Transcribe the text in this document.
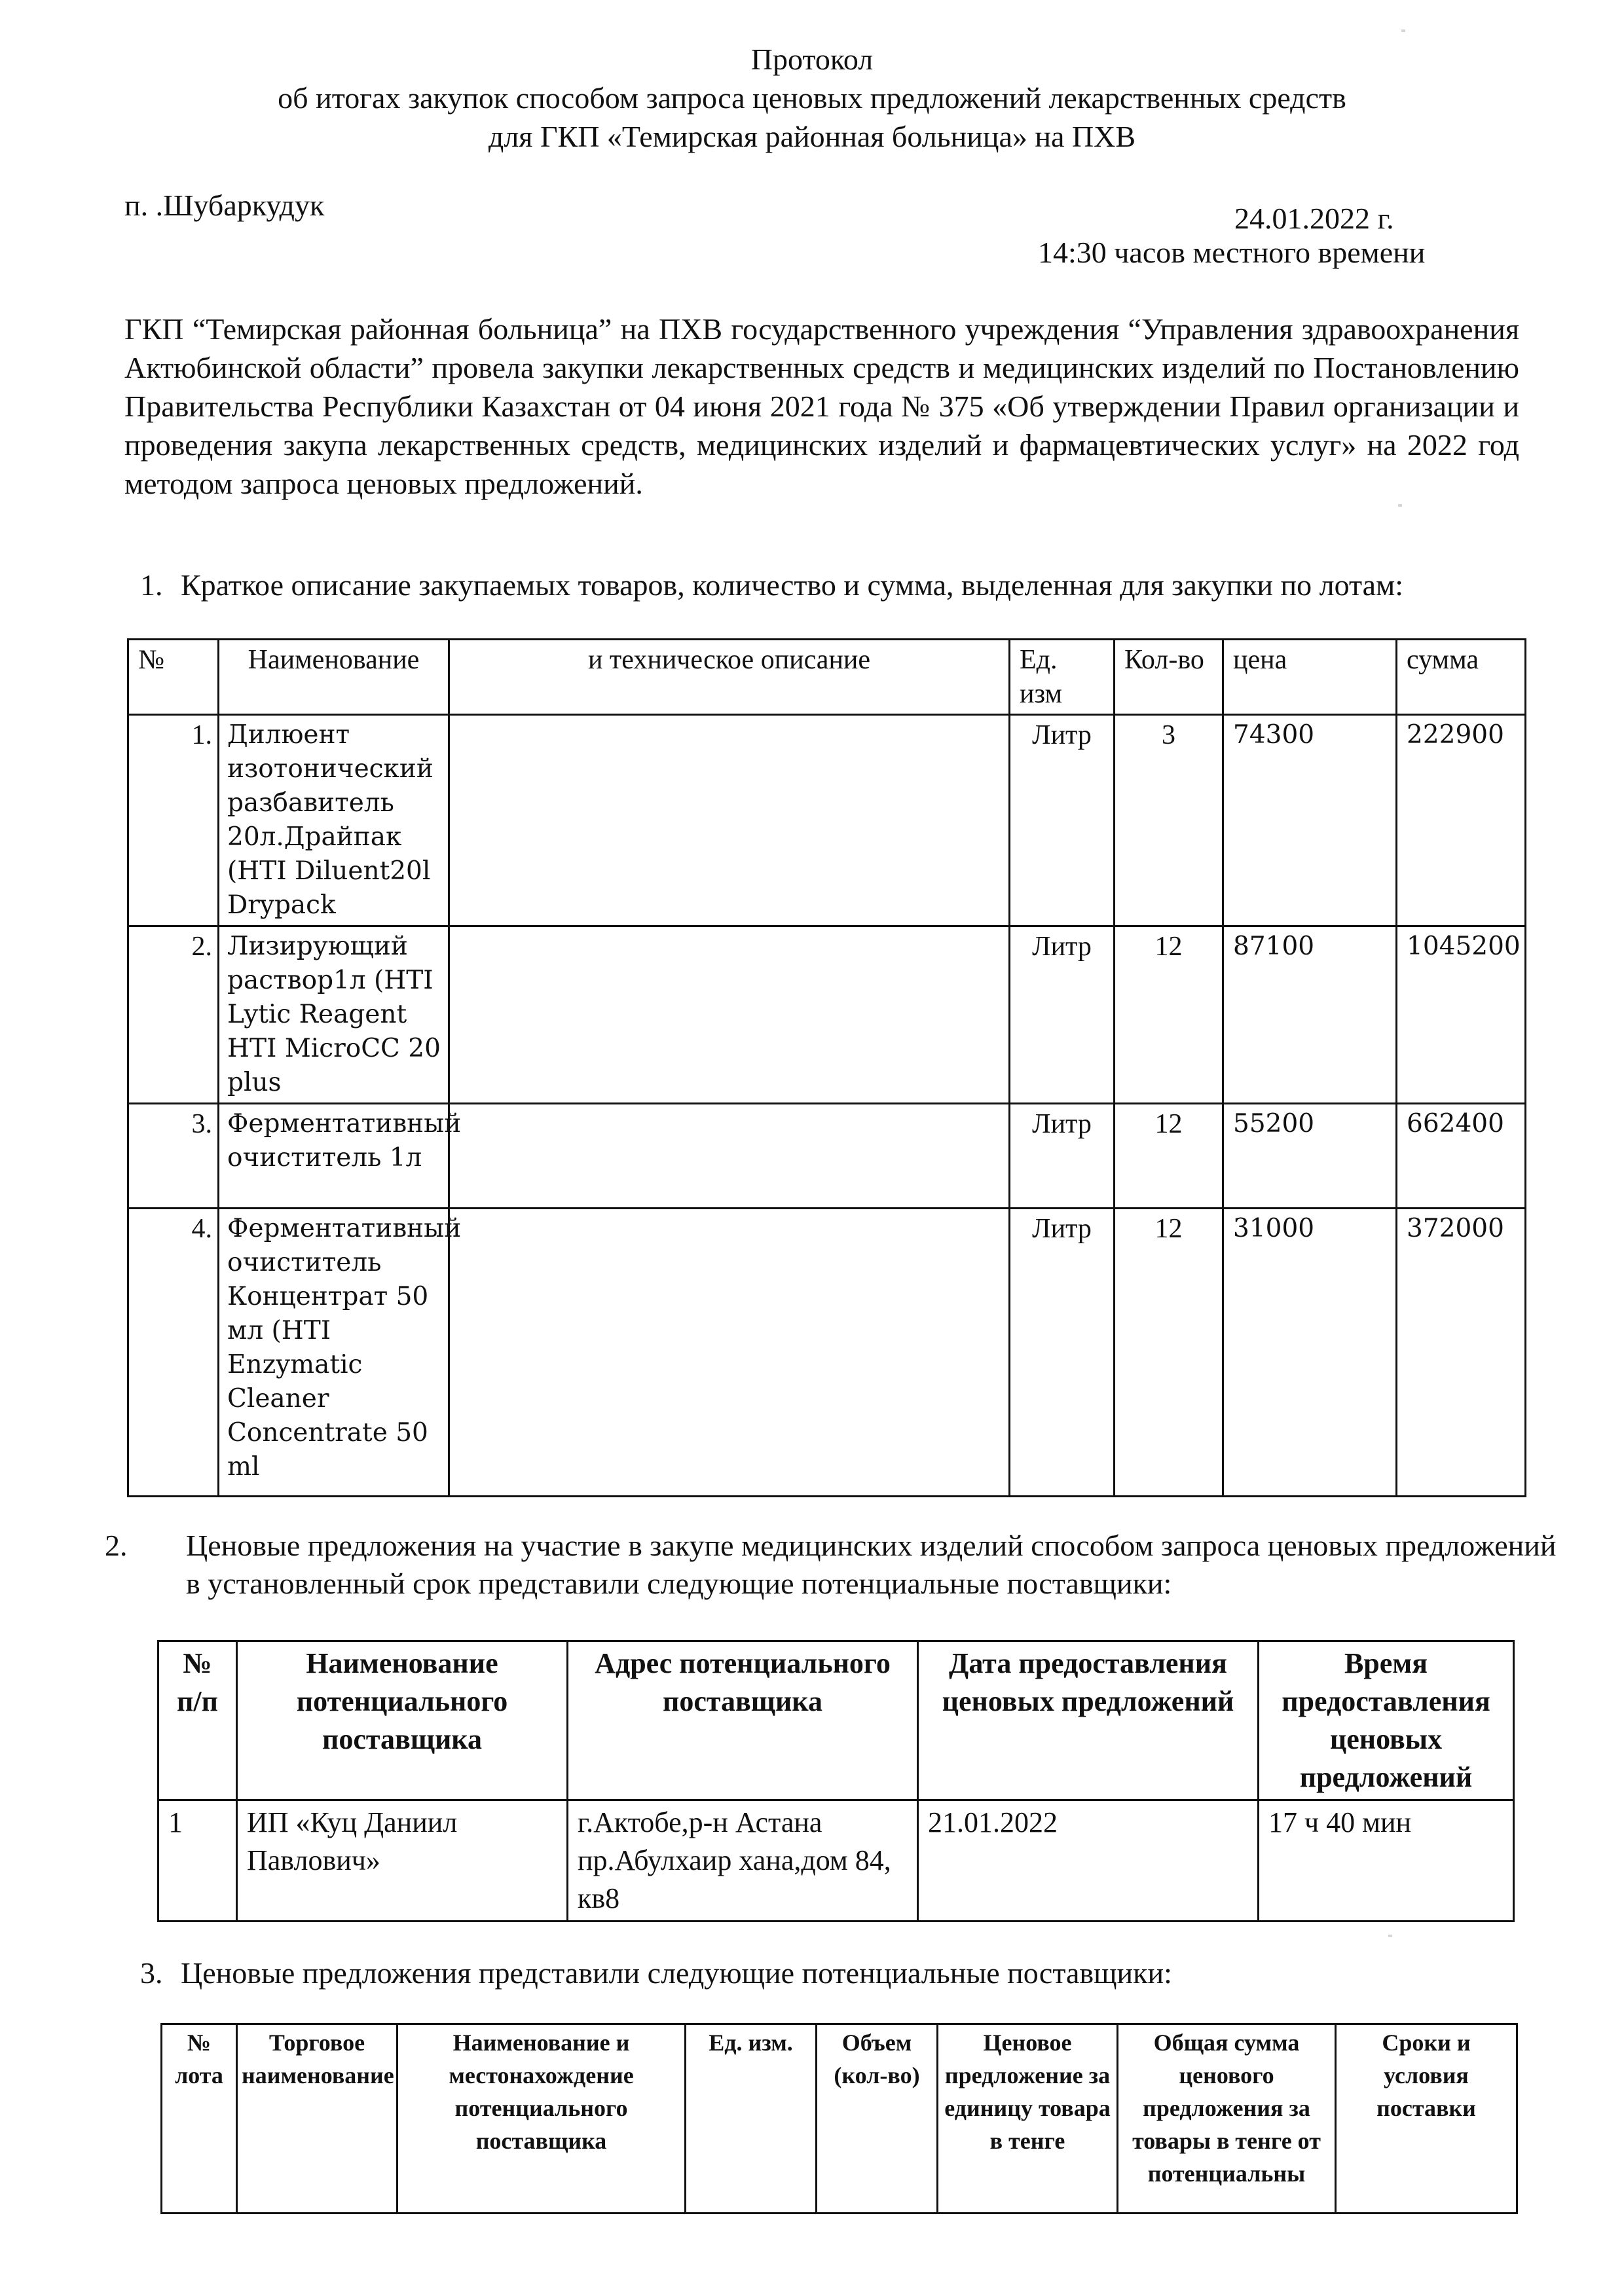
Протокол
об итогах закупок способом запроса ценовых предложений лекарственных средств
для ГКП «Темирская районная больница» на ПХВ
п. .Шубаркудук	24.01.2022 г.
14:30 часов местного времени
ГКП “Темирская районная больница” на ПХВ государственного учреждения “Управления здравоохранения Актюбинской области” провела закупки лекарственных средств и медицинских изделий по Постановлению Правительства Республики Казахстан от 04 июня 2021 года № 375 «Об утверждении Правил организации и проведения закупа лекарственных средств, медицинских изделий и фармацевтических услуг» на 2022 год методом запроса ценовых предложений.
1. Краткое описание закупаемых товаров, количество и сумма, выделенная для закупки по лотам:
№	Наименование	и техническое описание	Ед. изм	Кол-во	цена	сумма
1.	Дилюент изотонический разбавитель 20л.Драйпак (HTI Diluent20l Drypack		Литр	3	74300	222900
2.	Лизирующий раствор1л (HTI Lytic Reagent HTI MicroCC 20 plus		Литр	12	87100	1045200
3.	Ферментативный очиститель 1л		Литр	12	55200	662400
4.	Ферментативный очиститель Концентрат 50 мл (HTI Enzymatic Cleaner Concentrate 50 ml		Литр	12	31000	372000
2. Ценовые предложения на участие в закупе медицинских изделий способом запроса ценовых предложений в установленный срок представили следующие потенциальные поставщики:
№ п/п	Наименование потенциального поставщика	Адрес потенциального поставщика	Дата предоставления ценовых предложений	Время предоставления ценовых предложений
1	ИП «Куц Даниил Павлович»	г.Актобе,р-н Астана пр.Абулхаир хана,дом 84, кв8	21.01.2022	17 ч 40 мин
3. Ценовые предложения представили следующие потенциальные поставщики:
№ лота	Торговое наименование	Наименование и местонахождение потенциального поставщика	Ед. изм.	Объем (кол-во)	Ценовое предложение за единицу товара в тенге	Общая сумма ценового предложения за товары в тенге от потенциальны	Сроки и условия поставки
